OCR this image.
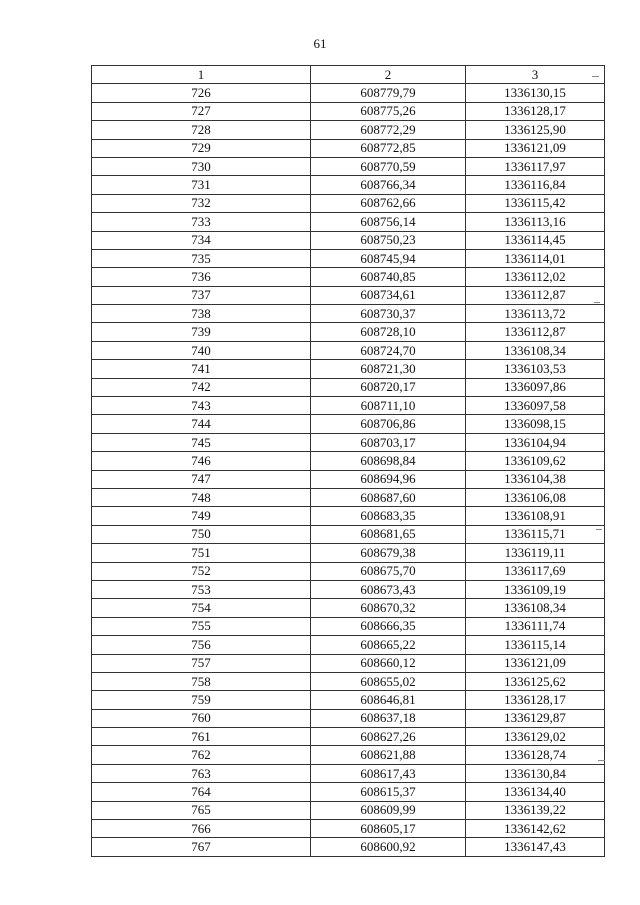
61
1	2	3
726	608779,79	1336130,15
727	608775,26	1336128,17
728	608772,29	1336125,90
729	608772,85	1336121,09
730	608770,59	1336117,97
731	608766,34	1336116,84
732	608762,66	1336115,42
733	608756,14	1336113,16
734	608750,23	1336114,45
735	608745,94	1336114,01
736	608740,85	1336112,02
737	608734,61	1336112,87
738	608730,37	1336113,72
739	608728,10	1336112,87
740	608724,70	1336108,34
741	608721,30	1336103,53
742	608720,17	1336097,86
743	608711,10	1336097,58
744	608706,86	1336098,15
745	608703,17	1336104,94
746	608698,84	1336109,62
747	608694,96	1336104,38
748	608687,60	1336106,08
749	608683,35	1336108,91
750	608681,65	1336115,71
751	608679,38	1336119,11
752	608675,70	1336117,69
753	608673,43	1336109,19
754	608670,32	1336108,34
755	608666,35	1336111,74
756	608665,22	1336115,14
757	608660,12	1336121,09
758	608655,02	1336125,62
759	608646,81	1336128,17
760	608637,18	1336129,87
761	608627,26	1336129,02
762	608621,88	1336128,74
763	608617,43	1336130,84
764	608615,37	1336134,40
765	608609,99	1336139,22
766	608605,17	1336142,62
767	608600,92	1336147,43
